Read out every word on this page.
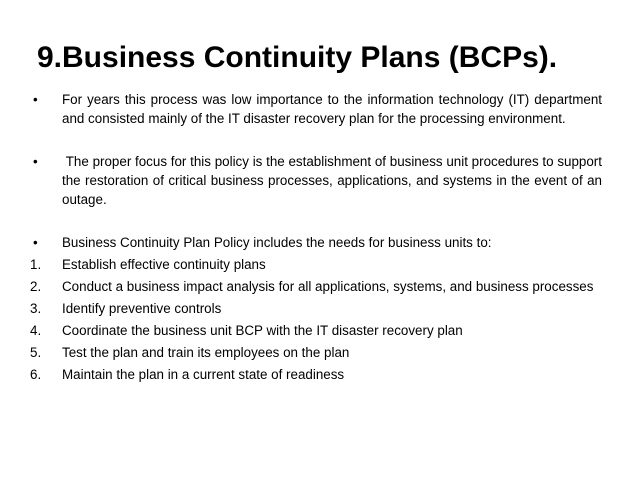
9.Business Continuity Plans (BCPs).
•	For years this process was low importance to the information technology (IT) department and consisted mainly of the IT disaster recovery plan for the processing environment.
•	The proper focus for this policy is the establishment of business unit procedures to support the restoration of critical business processes, applications, and systems in the event of an outage.
•	Business Continuity Plan Policy includes the needs for business units to:
1.	Establish effective continuity plans
2.	Conduct a business impact analysis for all applications, systems, and business processes
3.	Identify preventive controls
4.	Coordinate the business unit BCP with the IT disaster recovery plan
5.	Test the plan and train its employees on the plan
6.	Maintain the plan in a current state of readiness
